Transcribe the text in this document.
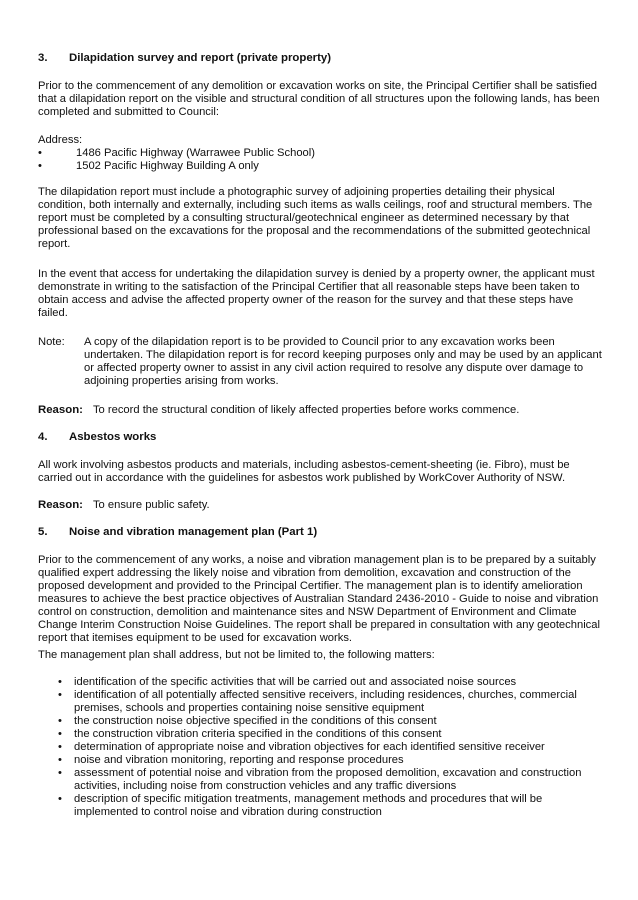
3. Dilapidation survey and report (private property)

Prior to the commencement of any demolition or excavation works on site, the Principal Certifier shall be satisfied that a dilapidation report on the visible and structural condition of all structures upon the following lands, has been completed and submitted to Council:

Address:
•	1486 Pacific Highway (Warrawee Public School)
•	1502 Pacific Highway Building A only

The dilapidation report must include a photographic survey of adjoining properties detailing their physical condition, both internally and externally, including such items as walls ceilings, roof and structural members. The report must be completed by a consulting structural/geotechnical engineer as determined necessary by that professional based on the excavations for the proposal and the recommendations of the submitted geotechnical report.

In the event that access for undertaking the dilapidation survey is denied by a property owner, the applicant must demonstrate in writing to the satisfaction of the Principal Certifier that all reasonable steps have been taken to obtain access and advise the affected property owner of the reason for the survey and that these steps have failed.

Note:	A copy of the dilapidation report is to be provided to Council prior to any excavation works been undertaken. The dilapidation report is for record keeping purposes only and may be used by an applicant or affected property owner to assist in any civil action required to resolve any dispute over damage to adjoining properties arising from works.
Reason: To record the structural condition of likely affected properties before works commence.
4. Asbestos works

All work involving asbestos products and materials, including asbestos-cement-sheeting (ie. Fibro), must be carried out in accordance with the guidelines for asbestos work published by WorkCover Authority of NSW.

Reason: To ensure public safety.
5. Noise and vibration management plan (Part 1)

Prior to the commencement of any works, a noise and vibration management plan is to be prepared by a suitably qualified expert addressing the likely noise and vibration from demolition, excavation and construction of the proposed development and provided to the Principal Certifier. The management plan is to identify amelioration measures to achieve the best practice objectives of Australian Standard 2436-2010 - Guide to noise and vibration control on construction, demolition and maintenance sites and NSW Department of Environment and Climate Change Interim Construction Noise Guidelines. The report shall be prepared in consultation with any geotechnical report that itemises equipment to be used for excavation works.

The management plan shall address, but not be limited to, the following matters:

• identification of the specific activities that will be carried out and associated noise sources
• identification of all potentially affected sensitive receivers, including residences, churches, commercial premises, schools and properties containing noise sensitive equipment
• the construction noise objective specified in the conditions of this consent
• the construction vibration criteria specified in the conditions of this consent
• determination of appropriate noise and vibration objectives for each identified sensitive receiver
• noise and vibration monitoring, reporting and response procedures
• assessment of potential noise and vibration from the proposed demolition, excavation and construction activities, including noise from construction vehicles and any traffic diversions
• description of specific mitigation treatments, management methods and procedures that will be implemented to control noise and vibration during construction
